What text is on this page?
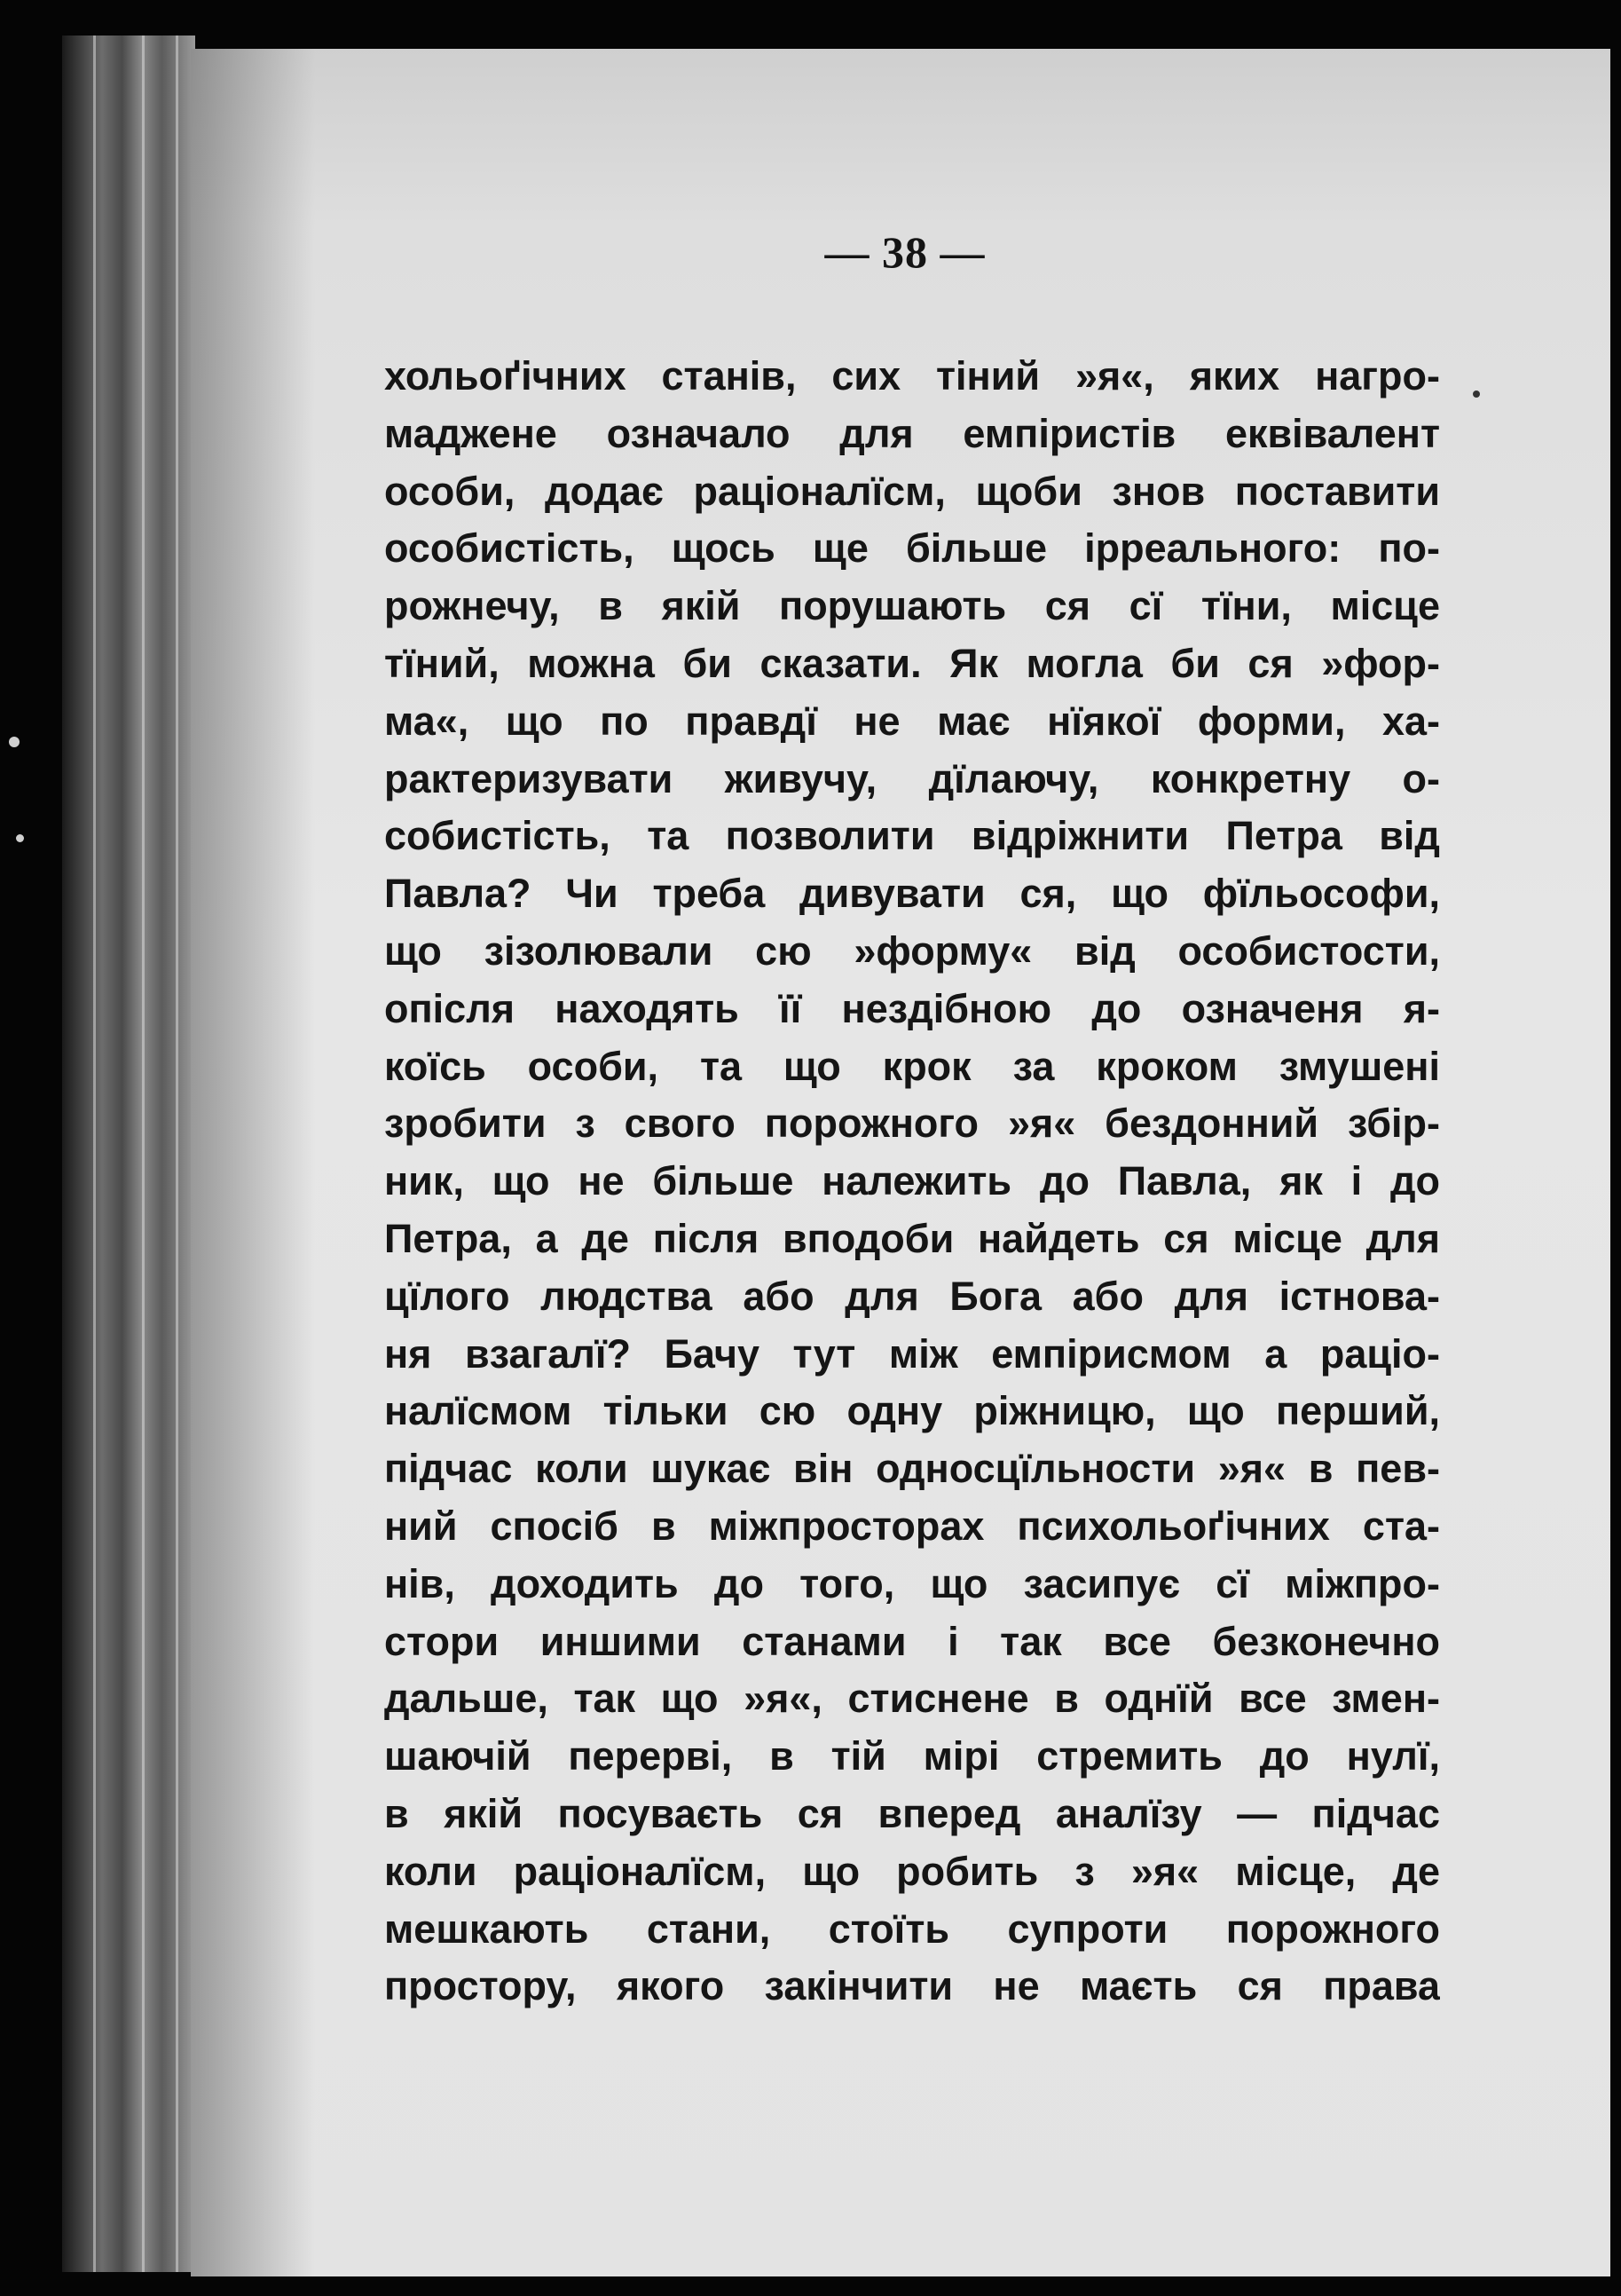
— 38 —
хольоґічних станів, сих тіний »я«, яких нагро-
маджене означало для емпіристів еквівалент
особи, додає раціоналїсм, щоби знов поставити
особистість, щось ще більше ірреального: по-
рожнечу, в якій порушають ся сї тїни, місце
тїний, можна би сказати. Як могла би ся »фор-
ма«, що по правдї не має нїякої форми, ха-
рактеризувати живучу, дїлаючу, конкретну о-
собистість, та позволити відріжнити Петра від
Павла? Чи треба дивувати ся, що фїльософи,
що зізолювали сю »форму« від особистости,
опісля находять її нездібною до означеня я-
коїсь особи, та що крок за кроком змушені
зробити з свого порожного »я« бездонний збір-
ник, що не більше належить до Павла, як і до
Петра, а де після вподоби найдеть ся місце для
цїлого людства або для Бога або для істнова-
ня взагалї? Бачу тут між емпірисмом а раціо-
налїсмом тільки сю одну ріжницю, що перший,
підчас коли шукає він односцїльности »я« в пев-
ний спосіб в міжпросторах психольоґічних ста-
нів, доходить до того, що засипує сї міжпро-
стори иншими станами і так все безконечно
дальше, так що »я«, стиснене в однїй все змен-
шаючій перерві, в тій мірі стремить до нулї,
в якій посуваєть ся вперед аналїзу — підчас
коли раціоналїсм, що робить з »я« місце, де
мешкають стани, стоїть супроти порожного
простору, якого закінчити не маєть ся права
